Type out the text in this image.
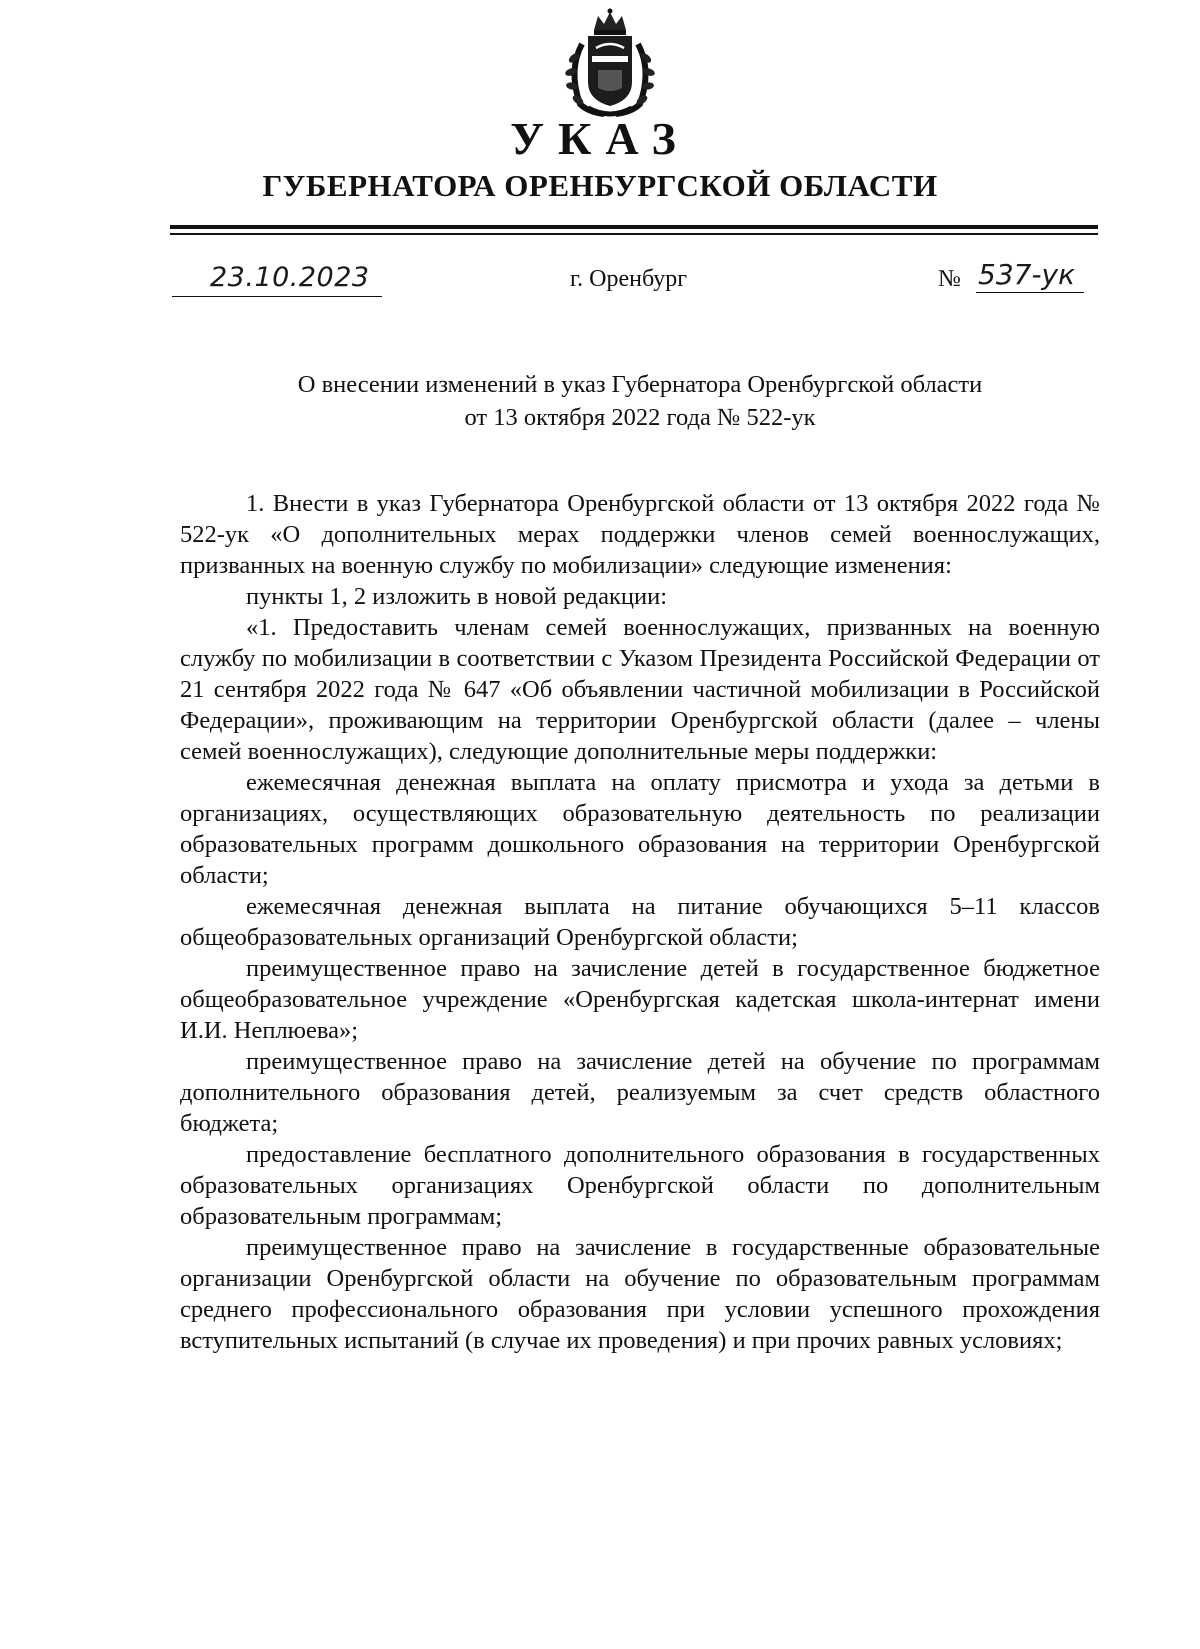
УКАЗ
ГУБЕРНАТОРА ОРЕНБУРГСКОЙ ОБЛАСТИ
23.10.2023	г. Оренбург	№ 537-ук
О внесении изменений в указ Губернатора Оренбургской области
от 13 октября 2022 года № 522-ук

1. Внести в указ Губернатора Оренбургской области от 13 октября 2022 года № 522-ук «О дополнительных мерах поддержки членов семей военнослужащих, призванных на военную службу по мобилизации» следующие изменения:

пункты 1, 2 изложить в новой редакции:

«1. Предоставить членам семей военнослужащих, призванных на военную службу по мобилизации в соответствии с Указом Президента Российской Федерации от 21 сентября 2022 года № 647 «Об объявлении частичной мобилизации в Российской Федерации», проживающим на территории Оренбургской области (далее – члены семей военнослужащих), следующие дополнительные меры поддержки:

ежемесячная денежная выплата на оплату присмотра и ухода за детьми в организациях, осуществляющих образовательную деятельность по реализации образовательных программ дошкольного образования на территории Оренбургской области;

ежемесячная денежная выплата на питание обучающихся 5–11 классов общеобразовательных организаций Оренбургской области;

преимущественное право на зачисление детей в государственное бюджетное общеобразовательное учреждение «Оренбургская кадетская школа-интернат имени И.И. Неплюева»;

преимущественное право на зачисление детей на обучение по программам дополнительного образования детей, реализуемым за счет средств областного бюджета;

предоставление бесплатного дополнительного образования в государственных образовательных организациях Оренбургской области по дополнительным образовательным программам;

преимущественное право на зачисление в государственные образовательные организации Оренбургской области на обучение по образовательным программам среднего профессионального образования при условии успешного прохождения вступительных испытаний (в случае их проведения) и при прочих равных условиях;
